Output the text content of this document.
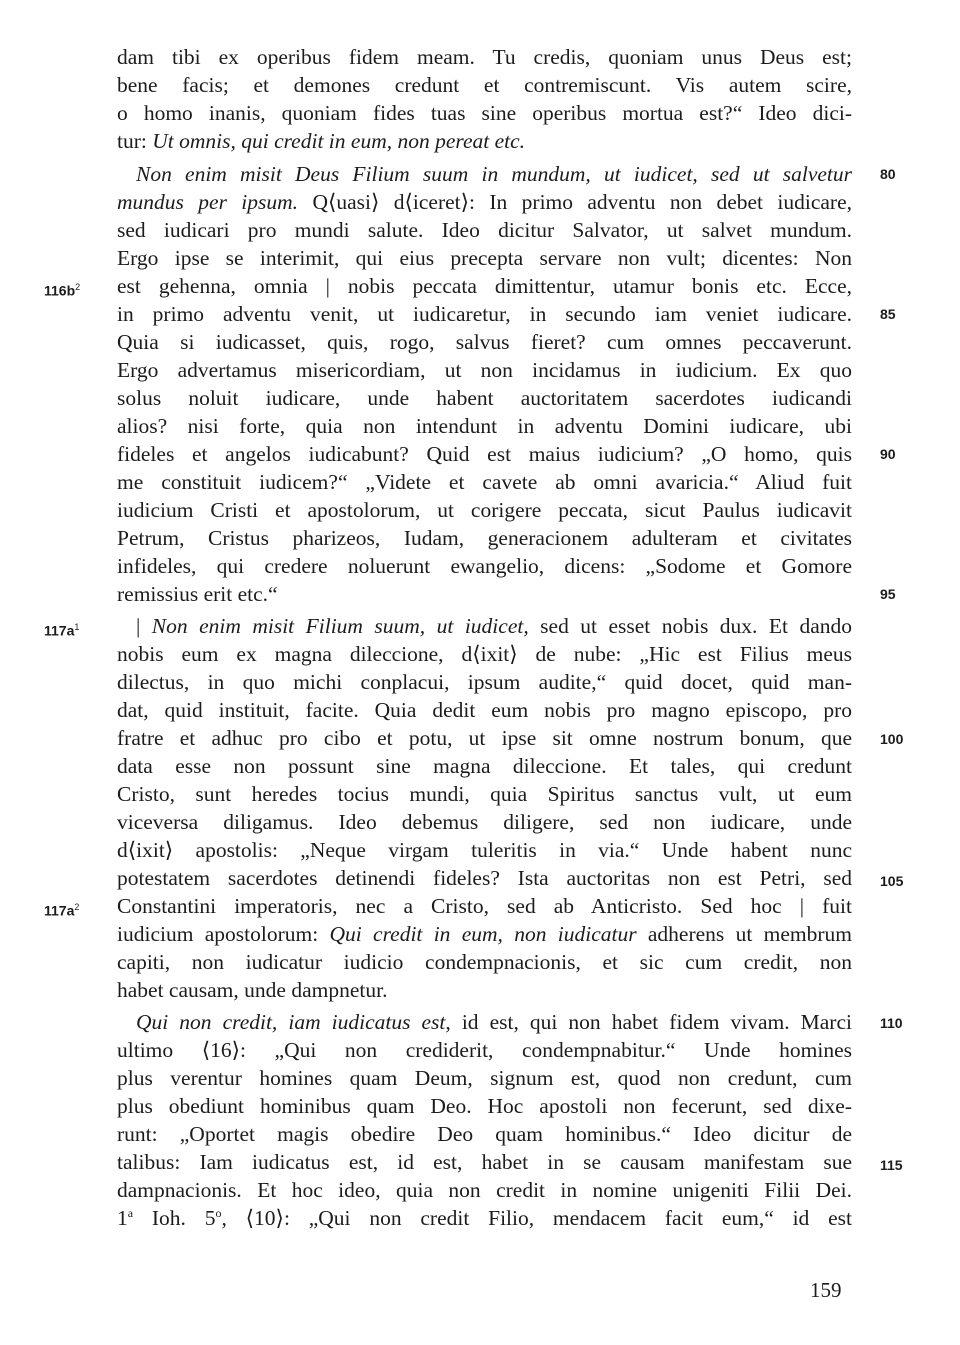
dam tibi ex operibus fidem meam. Tu credis, quoniam unus Deus est;
bene facis; et demones credunt et contremiscunt. Vis autem scire,
o homo inanis, quoniam fides tuas sine operibus mortua est?“ Ideo dici-
tur: Ut omnis, qui credit in eum, non pereat etc.
Non enim misit Deus Filium suum in mundum, ut iudicet, sed ut salvetur
mundus per ipsum. Q⟨uasi⟩ d⟨iceret⟩: In primo adventu non debet iudicare,
sed iudicari pro mundi salute. Ideo dicitur Salvator, ut salvet mundum.
Ergo ipse se interimit, qui eius precepta servare non vult; dicentes: Non
est gehenna, omnia | nobis peccata dimittentur, utamur bonis etc. Ecce,
in primo adventu venit, ut iudicaretur, in secundo iam veniet iudicare.
Quia si iudicasset, quis, rogo, salvus fieret? cum omnes peccaverunt.
Ergo advertamus misericordiam, ut non incidamus in iudicium. Ex quo
solus noluit iudicare, unde habent auctoritatem sacerdotes iudicandi
alios? nisi forte, quia non intendunt in adventu Domini iudicare, ubi
fideles et angelos iudicabunt? Quid est maius iudicium? „O homo, quis
me constituit iudicem?“ „Videte et cavete ab omni avaricia.“ Aliud fuit
iudicium Cristi et apostolorum, ut corigere peccata, sicut Paulus iudicavit
Petrum, Cristus pharizeos, Iudam, generacionem adulteram et civitates
infideles, qui credere noluerunt ewangelio, dicens: „Sodome et Gomore
remissius erit etc.“
| Non enim misit Filium suum, ut iudicet, sed ut esset nobis dux. Et dando
nobis eum ex magna dileccione, d⟨ixit⟩ de nube: „Hic est Filius meus
dilectus, in quo michi conplacui, ipsum audite,“ quid docet, quid man-
dat, quid instituit, facite. Quia dedit eum nobis pro magno episcopo, pro
fratre et adhuc pro cibo et potu, ut ipse sit omne nostrum bonum, que
data esse non possunt sine magna dileccione. Et tales, qui credunt
Cristo, sunt heredes tocius mundi, quia Spiritus sanctus vult, ut eum
viceversa diligamus. Ideo debemus diligere, sed non iudicare, unde
d⟨ixit⟩ apostolis: „Neque virgam tuleritis in via.“ Unde habent nunc
potestatem sacerdotes detinendi fideles? Ista auctoritas non est Petri, sed
Constantini imperatoris, nec a Cristo, sed ab Anticristo. Sed hoc | fuit
iudicium apostolorum: Qui credit in eum, non iudicatur adherens ut membrum
capiti, non iudicatur iudicio condempnacionis, et sic cum credit, non
habet causam, unde dampnetur.
Qui non credit, iam iudicatus est, id est, qui non habet fidem vivam. Marci
ultimo ⟨16⟩: „Qui non crediderit, condempnabitur.“ Unde homines
plus verentur homines quam Deum, signum est, quod non credunt, cum
plus obediunt hominibus quam Deo. Hoc apostoli non fecerunt, sed dixe-
runt: „Oportet magis obedire Deo quam hominibus.“ Ideo dicitur de
talibus: Iam iudicatus est, id est, habet in se causam manifestam sue
dampnacionis. Et hoc ideo, quia non credit in nomine unigeniti Filii Dei.
1$^a$ Ioh. 5$^o$, ⟨10⟩: „Qui non credit Filio, mendacem facit eum,“ id est
80
85
90
95
100
105
110
115
$116b^2$
$117a^1$
$117a^2$
159
